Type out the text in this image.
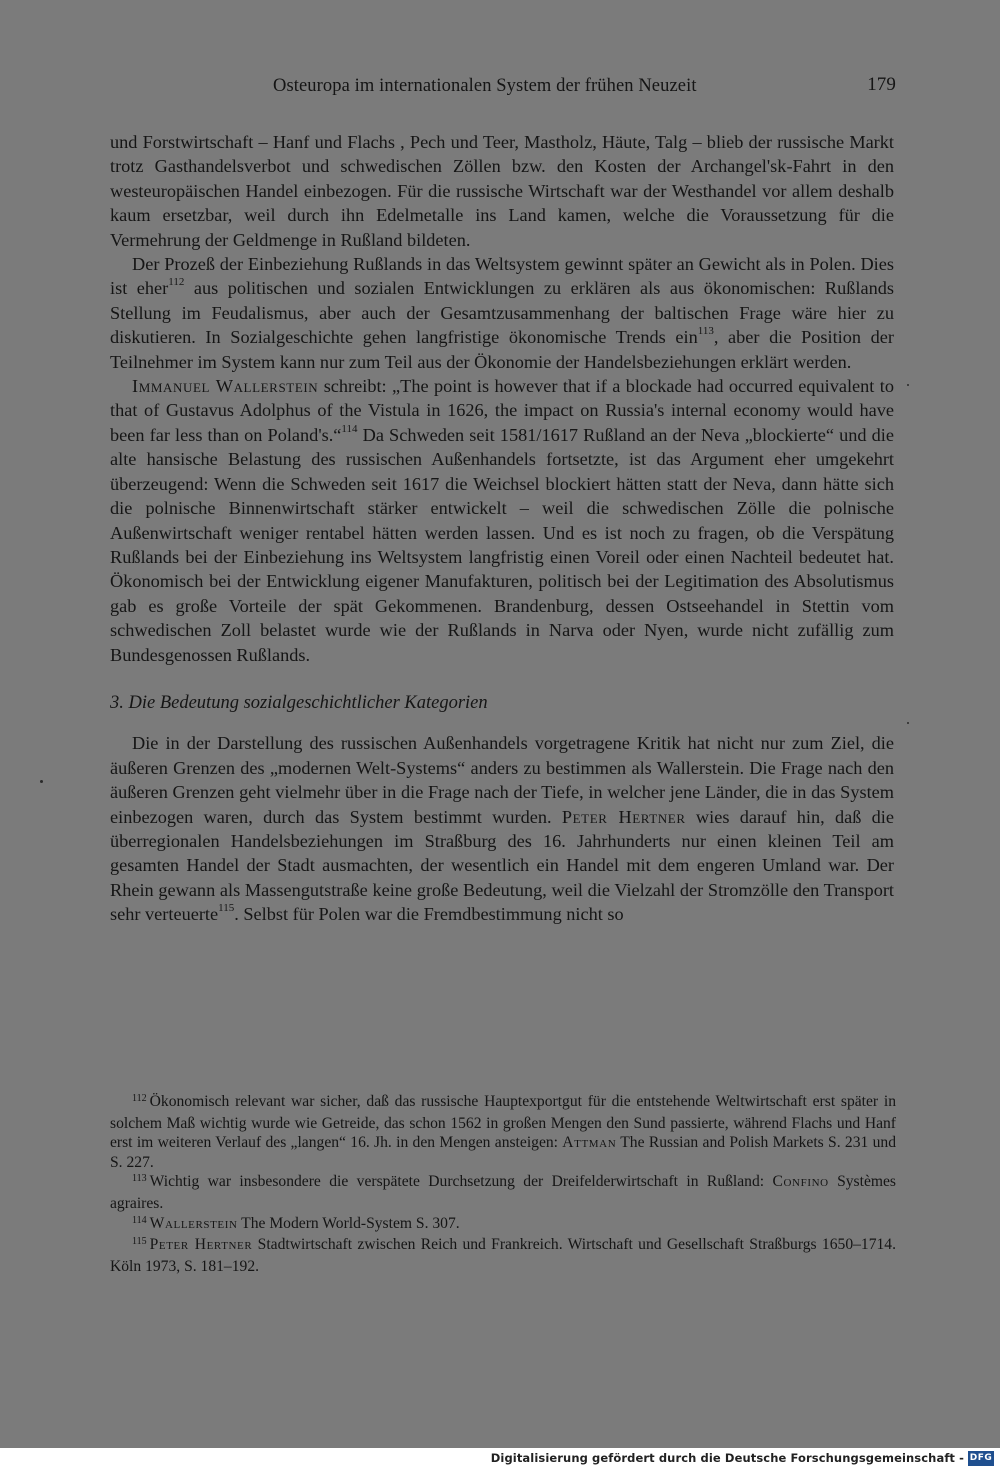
Osteuropa im internationalen System der frühen Neuzeit	179

und Forstwirtschaft – Hanf und Flachs , Pech und Teer, Mastholz, Häute, Talg – blieb der russische Markt trotz Gasthandelsverbot und schwedischen Zöllen bzw. den Kosten der Archangel'sk-Fahrt in den westeuropäischen Handel einbezogen. Für die russische Wirtschaft war der Westhandel vor allem deshalb kaum ersetzbar, weil durch ihn Edelmetalle ins Land kamen, welche die Voraussetzung für die Vermehrung der Geldmenge in Rußland bildeten.

Der Prozeß der Einbeziehung Rußlands in das Weltsystem gewinnt später an Gewicht als in Polen. Dies ist eher$^{112}$ aus politischen und sozialen Entwicklungen zu erklären als aus ökonomischen: Rußlands Stellung im Feudalismus, aber auch der Gesamtzusammenhang der baltischen Frage wäre hier zu diskutieren. In Sozialgeschichte gehen langfristige ökonomische Trends ein$^{113}$, aber die Position der Teilnehmer im System kann nur zum Teil aus der Ökonomie der Handelsbeziehungen erklärt werden.

Immanuel Wallerstein schreibt: „The point is however that if a blockade had occurred equivalent to that of Gustavus Adolphus of the Vistula in 1626, the impact on Russia's internal economy would have been far less than on Poland's.“$^{114}$ Da Schweden seit 1581/1617 Rußland an der Neva „blockierte“ und die alte hansische Belastung des russischen Außenhandels fortsetzte, ist das Argument eher umgekehrt überzeugend: Wenn die Schweden seit 1617 die Weichsel blockiert hätten statt der Neva, dann hätte sich die polnische Binnenwirtschaft stärker entwickelt – weil die schwedischen Zölle die polnische Außenwirtschaft weniger rentabel hätten werden lassen. Und es ist noch zu fragen, ob die Verspätung Rußlands bei der Einbeziehung ins Weltsystem langfristig einen Voreil oder einen Nachteil bedeutet hat. Ökonomisch bei der Entwicklung eigener Manufakturen, politisch bei der Legitimation des Absolutismus gab es große Vorteile der spät Gekommenen. Brandenburg, dessen Ostseehandel in Stettin vom schwedischen Zoll belastet wurde wie der Rußlands in Narva oder Nyen, wurde nicht zufällig zum Bundesgenossen Rußlands.

3. Die Bedeutung sozialgeschichtlicher Kategorien

Die in der Darstellung des russischen Außenhandels vorgetragene Kritik hat nicht nur zum Ziel, die äußeren Grenzen des „modernen Welt-Systems“ anders zu bestimmen als Wallerstein. Die Frage nach den äußeren Grenzen geht vielmehr über in die Frage nach der Tiefe, in welcher jene Länder, die in das System einbezogen waren, durch das System bestimmt wurden. Peter Hertner wies darauf hin, daß die überregionalen Handelsbeziehungen im Straßburg des 16. Jahrhunderts nur einen kleinen Teil am gesamten Handel der Stadt ausmachten, der wesentlich ein Handel mit dem engeren Umland war. Der Rhein gewann als Massengutstraße keine große Bedeutung, weil die Vielzahl der Stromzölle den Transport sehr verteuerte$^{115}$. Selbst für Polen war die Fremdbestimmung nicht so

$^{112}$ Ökonomisch relevant war sicher, daß das russische Hauptexportgut für die entstehende Weltwirtschaft erst später in solchem Maß wichtig wurde wie Getreide, das schon 1562 in großen Mengen den Sund passierte, während Flachs und Hanf erst im weiteren Verlauf des „langen“ 16. Jh. in den Mengen ansteigen: Attman The Russian and Polish Markets S. 231 und S. 227.

$^{113}$ Wichtig war insbesondere die verspätete Durchsetzung der Dreifelderwirtschaft in Rußland: Confino Systèmes agraires.

$^{114}$ Wallerstein The Modern World-System S. 307.

$^{115}$ Peter Hertner Stadtwirtschaft zwischen Reich und Frankreich. Wirtschaft und Gesellschaft Straßburgs 1650–1714. Köln 1973, S. 181–192.

Digitalisierung gefördert durch die Deutsche Forschungsgemeinschaft - DFG
